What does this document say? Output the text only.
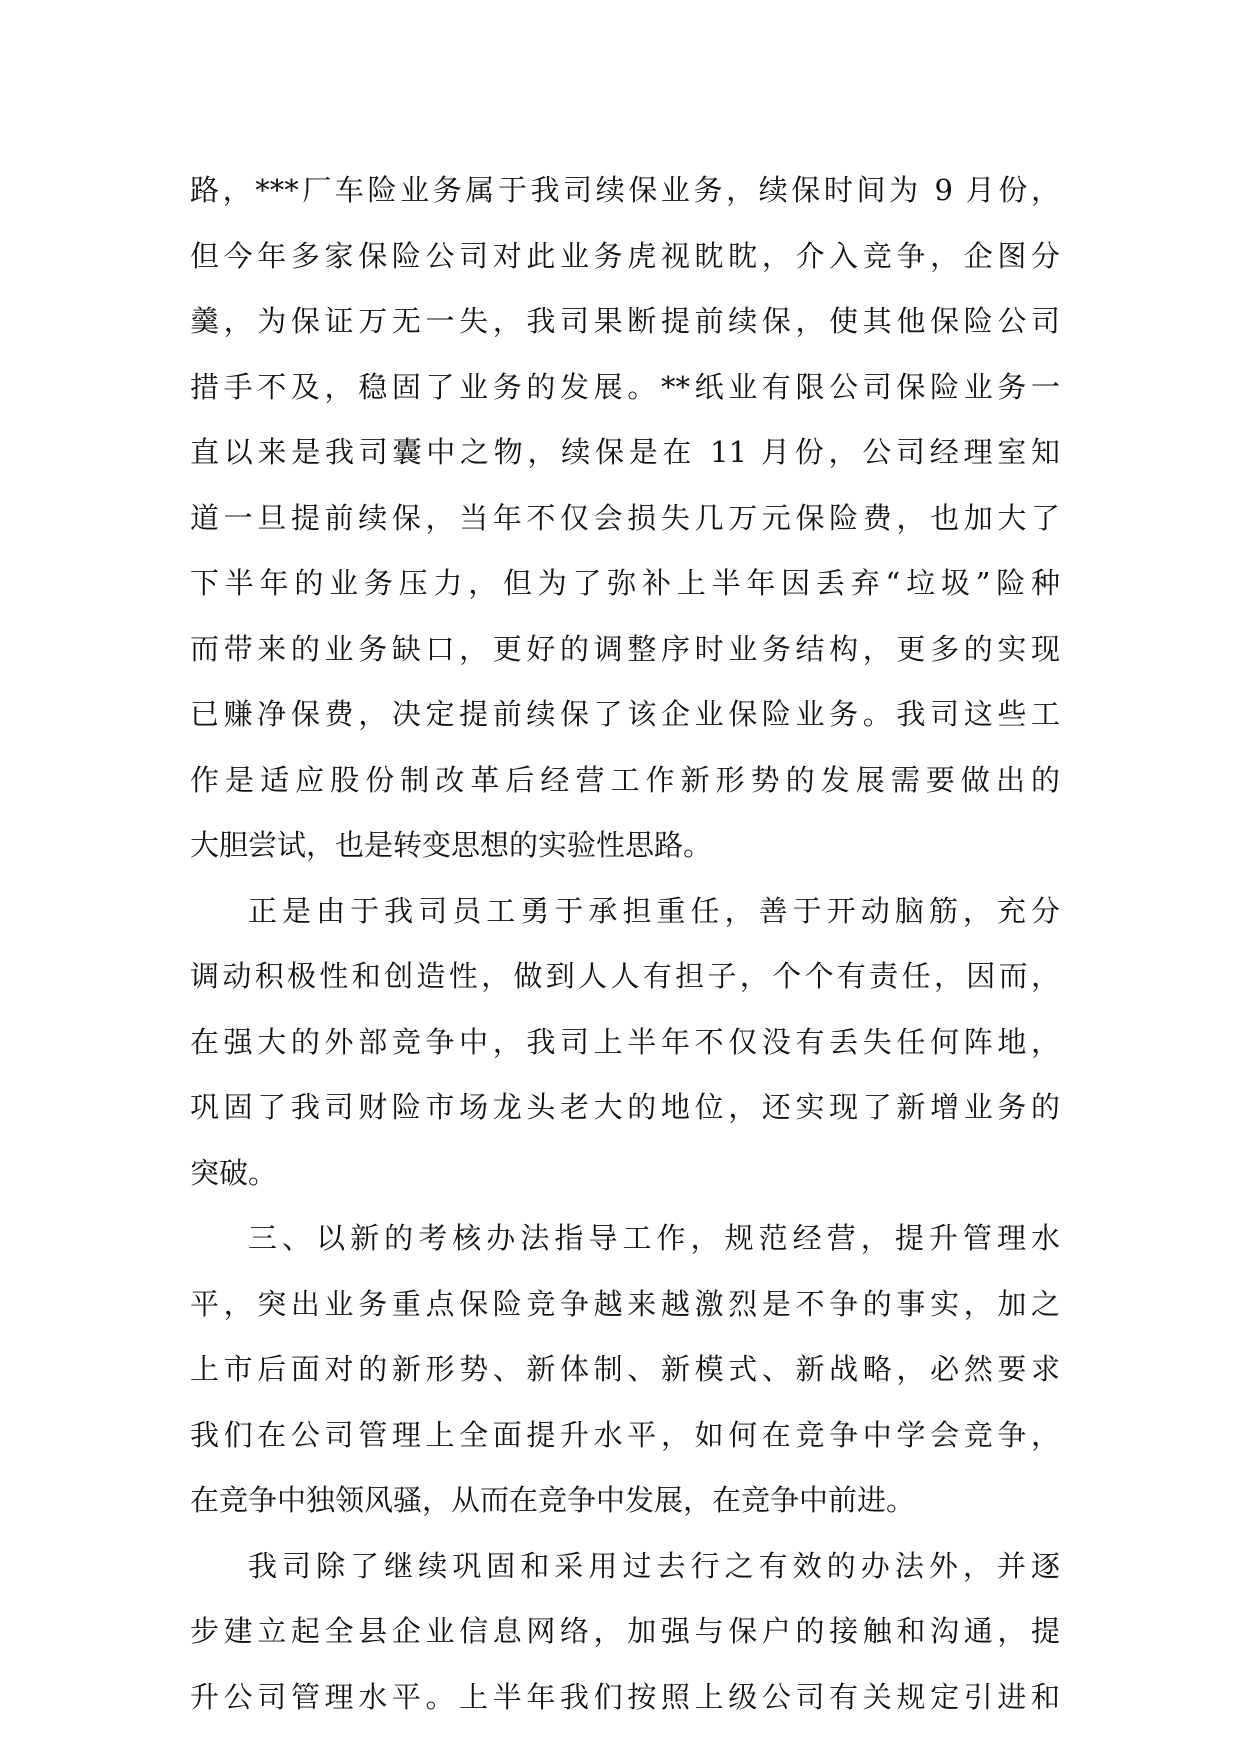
路，***厂车险业务属于我司续保业务，续保时间为 9 月份，
但今年多家保险公司对此业务虎视眈眈，介入竞争，企图分
羹，为保证万无一失，我司果断提前续保，使其他保险公司
措手不及，稳固了业务的发展。**纸业有限公司保险业务一
直以来是我司囊中之物，续保是在 11 月份，公司经理室知
道一旦提前续保，当年不仅会损失几万元保险费，也加大了
下半年的业务压力，但为了弥补上半年因丢弃“垃圾”险种
而带来的业务缺口，更好的调整序时业务结构，更多的实现
已赚净保费，决定提前续保了该企业保险业务。我司这些工
作是适应股份制改革后经营工作新形势的发展需要做出的
大胆尝试，也是转变思想的实验性思路。
正是由于我司员工勇于承担重任，善于开动脑筋，充分
调动积极性和创造性，做到人人有担子，个个有责任，因而，
在强大的外部竞争中，我司上半年不仅没有丢失任何阵地，
巩固了我司财险市场龙头老大的地位，还实现了新增业务的
突破。
三、以新的考核办法指导工作，规范经营，提升管理水
平，突出业务重点保险竞争越来越激烈是不争的事实，加之
上市后面对的新形势、新体制、新模式、新战略，必然要求
我们在公司管理上全面提升水平，如何在竞争中学会竞争，
在竞争中独领风骚，从而在竞争中发展，在竞争中前进。
我司除了继续巩固和采用过去行之有效的办法外，并逐
步建立起全县企业信息网络，加强与保户的接触和沟通，提
升公司管理水平。上半年我们按照上级公司有关规定引进和
